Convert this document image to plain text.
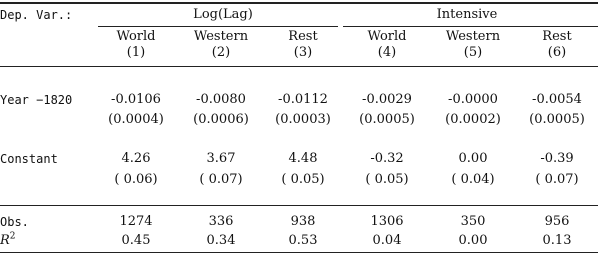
Dep. Var.:	Log(Lag)	Intensive
World	Western	Rest	World	Western	Rest
(1)	(2)	(3)	(4)	(5)	(6)
Year −1820	-0.0106	-0.0080 -0.0112	-0.0029	-0.0000	-0.0054
(0.0004) (0.0006) (0.0003) (0.0005) (0.0002) (0.0005)
Constant	4.26	3.67	4.48	-0.32	0.00	-0.39
( 0.06)	( 0.07)	( 0.05)	( 0.05)	( 0.04)	( 0.07)
Obs.	1274	336	938	1306	350	956
$R^2$	0.45	0.34	0.53	0.04	0.00	0.13
